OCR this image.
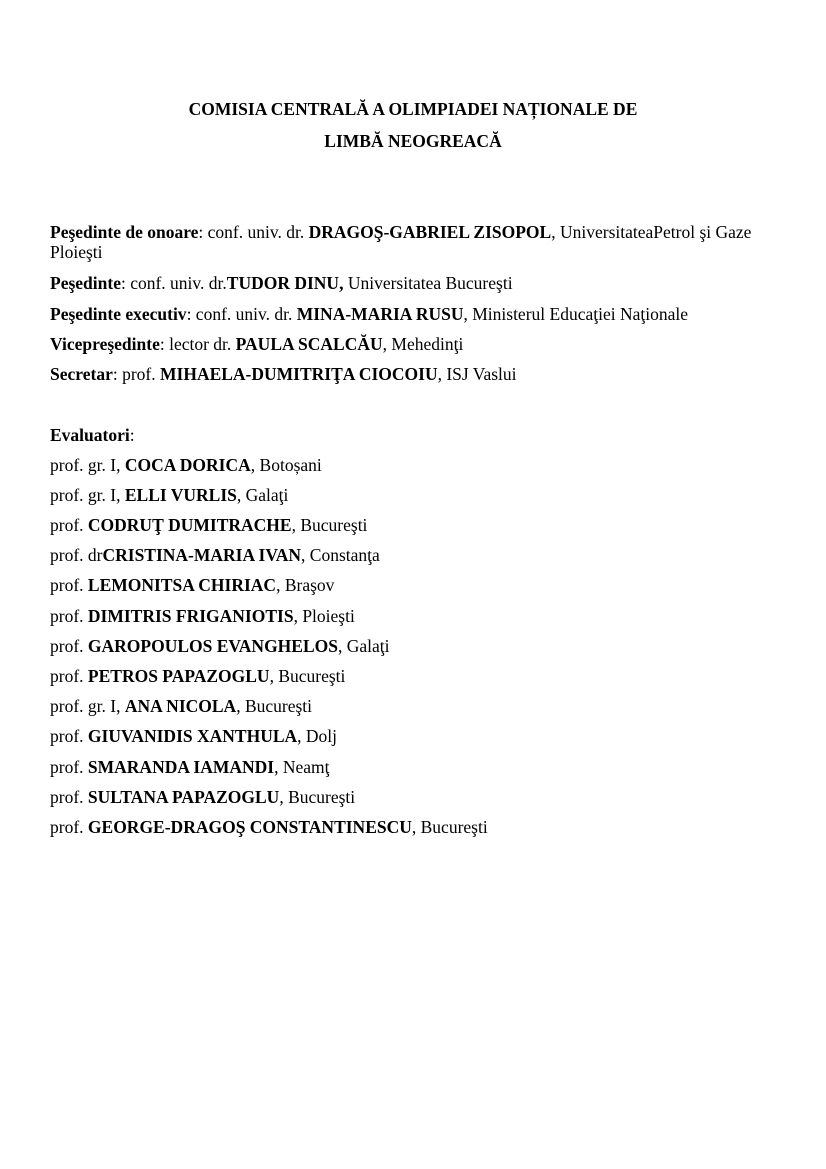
COMISIA CENTRALĂ A OLIMPIADEI NAȚIONALE DE
LIMBĂ NEOGREACĂ
Peşedinte de onoare: conf. univ. dr. DRAGOŞ-GABRIEL ZISOPOL, UniversitateaPetrol şi Gaze Ploieşti
Peşedinte: conf. univ. dr.TUDOR DINU, Universitatea Bucureşti
Peşedinte executiv: conf. univ. dr. MINA-MARIA RUSU, Ministerul Educaţiei Naţionale
Vicepreşedinte: lector dr. PAULA SCALCĂU, Mehedinţi
Secretar: prof. MIHAELA-DUMITRIŢA CIOCOIU, ISJ Vaslui
Evaluatori:
prof. gr. I, COCA DORICA, Botoșani
prof. gr. I, ELLI VURLIS, Galaţi
prof. CODRUŢ DUMITRACHE, Bucureşti
prof. drCRISTINA-MARIA IVAN, Constanţa
prof. LEMONITSA CHIRIAC, Braşov
prof. DIMITRIS FRIGANIOTIS, Ploieşti
prof. GAROPOULOS EVANGHELOS, Galaţi
prof. PETROS PAPAZOGLU, Bucureşti
prof. gr. I, ANA NICOLA, Bucureşti
prof. GIUVANIDIS XANTHULA, Dolj
prof. SMARANDA IAMANDI, Neamţ
prof. SULTANA PAPAZOGLU, Bucureşti
prof. GEORGE-DRAGOŞ CONSTANTINESCU, Bucureşti
